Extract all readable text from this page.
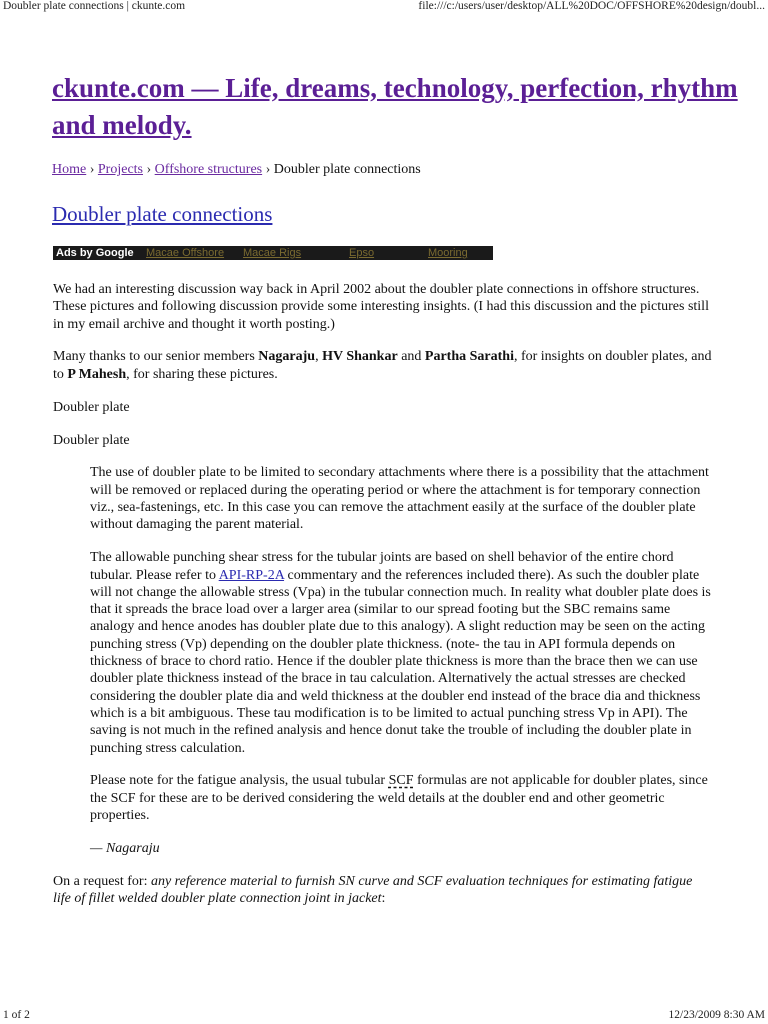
Doubler plate connections | ckunte.com	file:///c:/users/user/desktop/ALL%20DOC/OFFSHORE%20design/doubl...
ckunte.com — Life, dreams, technology, perfection, rhythm and melody.
Home › Projects › Offshore structures › Doubler plate connections
Doubler plate connections
Ads by Google Macae Offshore Macae Rigs	Epso	Mooring

We had an interesting discussion way back in April 2002 about the doubler plate connections in offshore structures. These pictures and following discussion provide some interesting insights. (I had this discussion and the pictures still in my email archive and thought it worth posting.)

Many thanks to our senior members Nagaraju, HV Shankar and Partha Sarathi, for insights on doubler plates, and to P Mahesh, for sharing these pictures.

Doubler plate

Doubler plate

The use of doubler plate to be limited to secondary attachments where there is a possibility that the attachment will be removed or replaced during the operating period or where the attachment is for temporary connection viz., sea-fastenings, etc. In this case you can remove the attachment easily at the surface of the doubler plate without damaging the parent material.

The allowable punching shear stress for the tubular joints are based on shell behavior of the entire chord tubular. Please refer to API-RP-2A commentary and the references included there). As such the doubler plate will not change the allowable stress (Vpa) in the tubular connection much. In reality what doubler plate does is that it spreads the brace load over a larger area (similar to our spread footing but the SBC remains same analogy and hence anodes has doubler plate due to this analogy). A slight reduction may be seen on the acting punching stress (Vp) depending on the doubler plate thickness. (note- the tau in API formula depends on thickness of brace to chord ratio. Hence if the doubler plate thickness is more than the brace then we can use doubler plate thickness instead of the brace in tau calculation. Alternatively the actual stresses are checked considering the doubler plate dia and weld thickness at the doubler end instead of the brace dia and thickness which is a bit ambiguous. These tau modification is to be limited to actual punching stress Vp in API). The saving is not much in the refined analysis and hence donut take the trouble of including the doubler plate in punching stress calculation.

Please note for the fatigue analysis, the usual tubular SCF formulas are not applicable for doubler plates, since the SCF for these are to be derived considering the weld details at the doubler end and other geometric properties.

— Nagaraju

On a request for: any reference material to furnish SN curve and SCF evaluation techniques for estimating fatigue life of fillet welded doubler plate connection joint in jacket:

1 of 2	12/23/2009 8:30 AM
